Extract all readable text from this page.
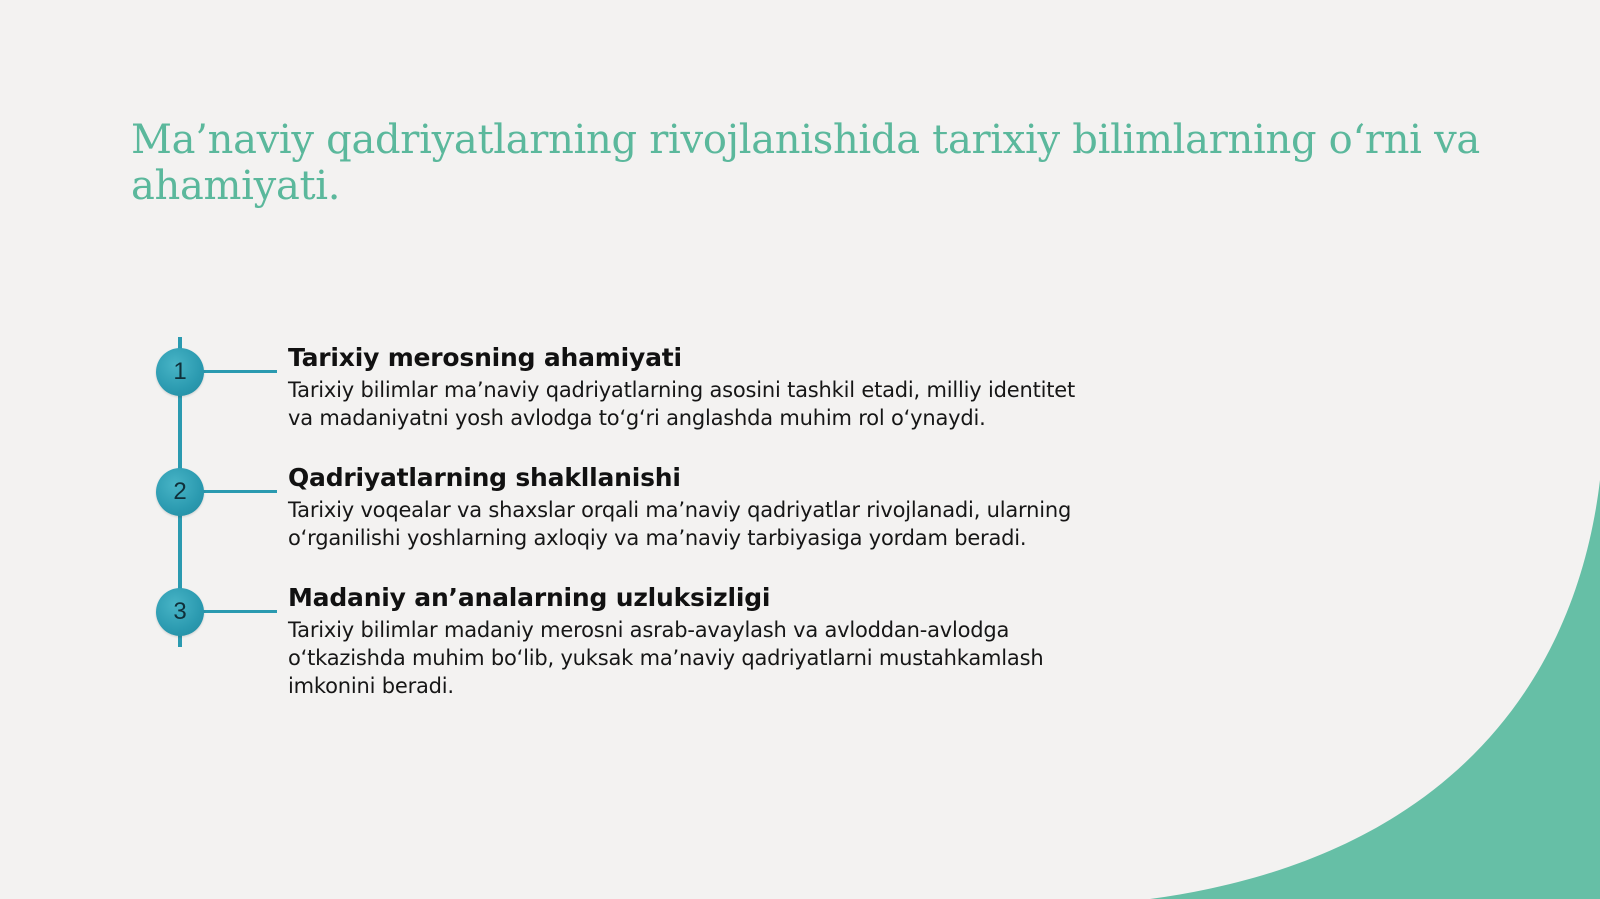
Ma’naviy qadriyatlarning rivojlanishida tarixiy bilimlarning o‘rni va ahamiyati.
1	Tarixiy merosning ahamiyati

Tarixiy bilimlar ma’naviy qadriyatlarning asosini tashkil etadi, milliy identitet va madaniyatni yosh avlodga to‘g‘ri anglashda muhim rol o‘ynaydi.

2	Qadriyatlarning shakllanishi

Tarixiy voqealar va shaxslar orqali ma’naviy qadriyatlar rivojlanadi, ularning o‘rganilishi yoshlarning axloqiy va ma’naviy tarbiyasiga yordam beradi.

3	Madaniy an’analarning uzluksizligi

Tarixiy bilimlar madaniy merosni asrab-avaylash va avloddan-avlodga o‘tkazishda muhim bo‘lib, yuksak ma’naviy qadriyatlarni mustahkamlash imkonini beradi.
